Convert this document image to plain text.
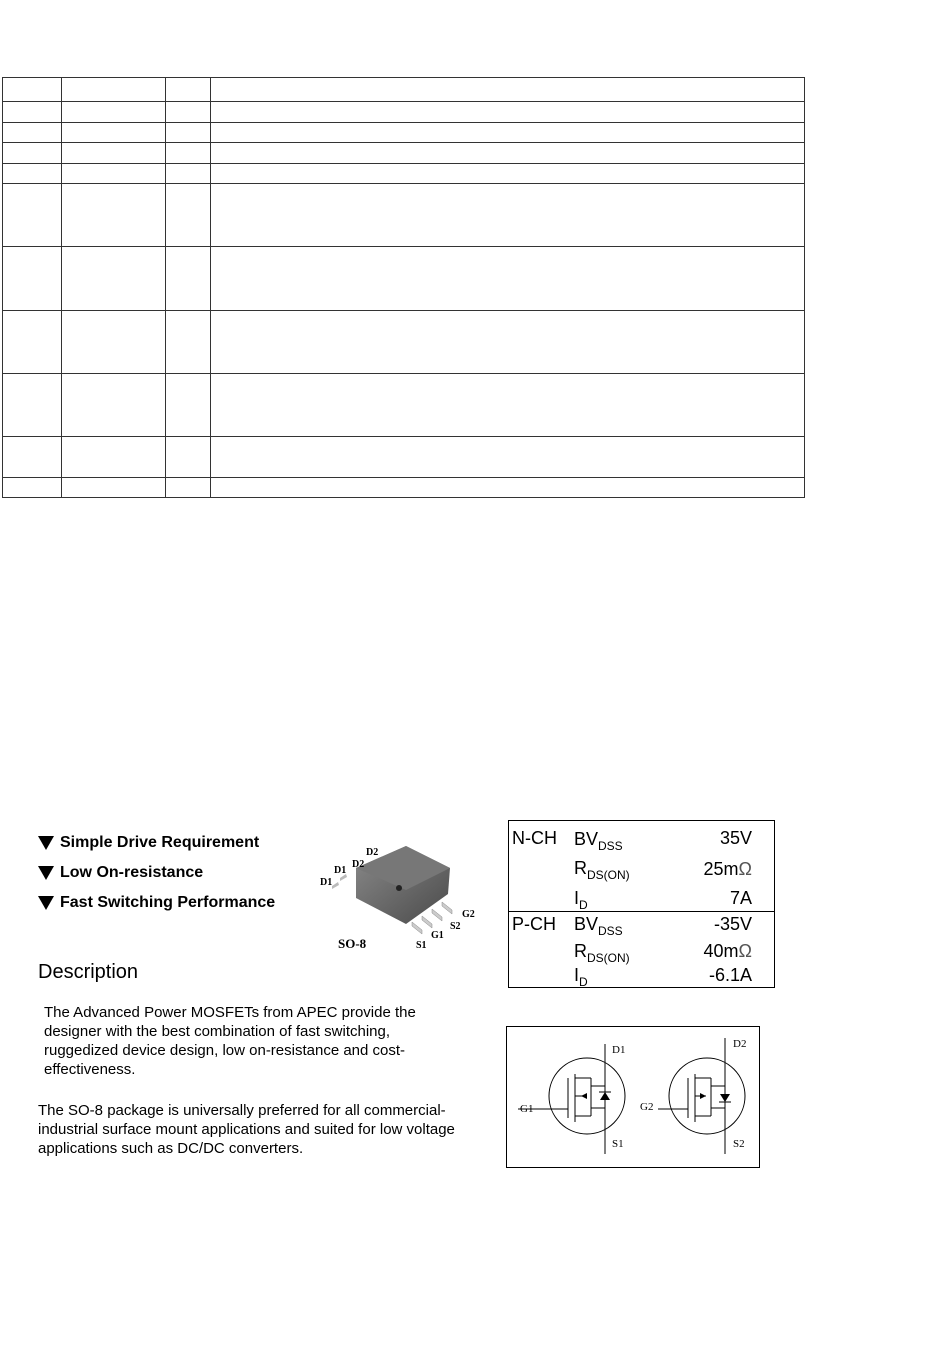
Simple Drive Requirement
Low On-resistance
Fast Switching Performance
D2
D2
D1
D1
G2
S2
G1
S1
SO-8
N-CH $BV_{DSS}$	35V
$R_{DS(ON)}$	25mΩ
$I_D$	7A
P-CH $BV_{DSS}$	-35V
$R_{DS(ON)}$	40mΩ
$I_D$	-6.1A
Description

The Advanced Power MOSFETs from APEC provide the designer with the best combination of fast switching, ruggedized device design, low on-resistance and cost-effectiveness.

The SO-8 package is universally preferred for all commercial-industrial surface mount applications and suited for low voltage applications such as DC/DC converters.

D1
G1
S1
D2
G2
S2
